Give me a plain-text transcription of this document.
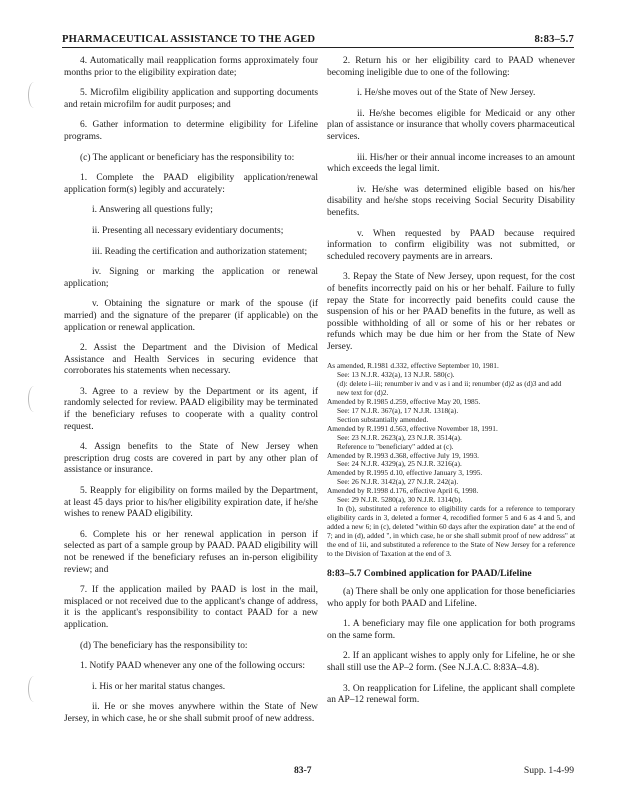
PHARMACEUTICAL ASSISTANCE TO THE AGED	8:83–5.7
4. Automatically mail reapplication forms approximately four months prior to the eligibility expiration date;
5. Microfilm eligibility application and supporting documents and retain microfilm for audit purposes; and
6. Gather information to determine eligibility for Lifeline programs.
(c) The applicant or beneficiary has the responsibility to:
1. Complete the PAAD eligibility application/renewal application form(s) legibly and accurately:
i. Answering all questions fully;
ii. Presenting all necessary evidentiary documents;
iii. Reading the certification and authorization statement;
iv. Signing or marking the application or renewal application;
v. Obtaining the signature or mark of the spouse (if married) and the signature of the preparer (if applicable) on the application or renewal application.
2. Assist the Department and the Division of Medical Assistance and Health Services in securing evidence that corroborates his statements when necessary.
3. Agree to a review by the Department or its agent, if randomly selected for review. PAAD eligibility may be terminated if the beneficiary refuses to cooperate with a quality control request.
4. Assign benefits to the State of New Jersey when prescription drug costs are covered in part by any other plan of assistance or insurance.
5. Reapply for eligibility on forms mailed by the Department, at least 45 days prior to his/her eligibility expiration date, if he/she wishes to renew PAAD eligibility.
6. Complete his or her renewal application in person if selected as part of a sample group by PAAD. PAAD eligibility will not be renewed if the beneficiary refuses an in-person eligibility review; and
7. If the application mailed by PAAD is lost in the mail, misplaced or not received due to the applicant's change of address, it is the applicant's responsibility to contact PAAD for a new application.
(d) The beneficiary has the responsibility to:
1. Notify PAAD whenever any one of the following occurs:
i. His or her marital status changes.
ii. He or she moves anywhere within the State of New Jersey, in which case, he or she shall submit proof of new address.
2. Return his or her eligibility card to PAAD whenever becoming ineligible due to one of the following:
i. He/she moves out of the State of New Jersey.
ii. He/she becomes eligible for Medicaid or any other plan of assistance or insurance that wholly covers pharmaceutical services.
iii. His/her or their annual income increases to an amount which exceeds the legal limit.
iv. He/she was determined eligible based on his/her disability and he/she stops receiving Social Security Disability benefits.
v. When requested by PAAD because required information to confirm eligibility was not submitted, or scheduled recovery payments are in arrears.
3. Repay the State of New Jersey, upon request, for the cost of benefits incorrectly paid on his or her behalf. Failure to fully repay the State for incorrectly paid benefits could cause the suspension of his or her PAAD benefits in the future, as well as possible withholding of all or some of his or her rebates or refunds which may be due him or her from the State of New Jersey.
As amended, R.1981 d.332, effective September 10, 1981.
See: 13 N.J.R. 432(a), 13 N.J.R. 580(c).
(d): delete i–iii; renumber iv and v as i and ii; renumber (d)2 as (d)3 and add new text for (d)2.
Amended by R.1985 d.259, effective May 20, 1985.
See: 17 N.J.R. 367(a), 17 N.J.R. 1318(a).
Section substantially amended.
Amended by R.1991 d.563, effective November 18, 1991.
See: 23 N.J.R. 2623(a), 23 N.J.R. 3514(a).
Reference to "beneficiary" added at (c).
Amended by R.1993 d.368, effective July 19, 1993.
See: 24 N.J.R. 4329(a), 25 N.J.R. 3216(a).
Amended by R.1995 d.10, effective January 3, 1995.
See: 26 N.J.R. 3142(a), 27 N.J.R. 242(a).
Amended by R.1998 d.176, effective April 6, 1998.
See: 29 N.J.R. 5280(a), 30 N.J.R. 1314(b).
In (b), substituted a reference to eligibility cards for a reference to temporary eligibility cards in 3, deleted a former 4, recodified former 5 and 6 as 4 and 5, and added a new 6; in (c), deleted "within 60 days after the expiration date" at the end of 7; and in (d), added ", in which case, he or she shall submit proof of new address" at the end of 1ii, and substituted a reference to the State of New Jersey for a reference to the Division of Taxation at the end of 3.
8:83–5.7 Combined application for PAAD/Lifeline
(a) There shall be only one application for those beneficiaries who apply for both PAAD and Lifeline.
1. A beneficiary may file one application for both programs on the same form.
2. If an applicant wishes to apply only for Lifeline, he or she shall still use the AP–2 form. (See N.J.A.C. 8:83A–4.8).
3. On reapplication for Lifeline, the applicant shall complete an AP–12 renewal form.
83-7	Supp. 1-4-99
